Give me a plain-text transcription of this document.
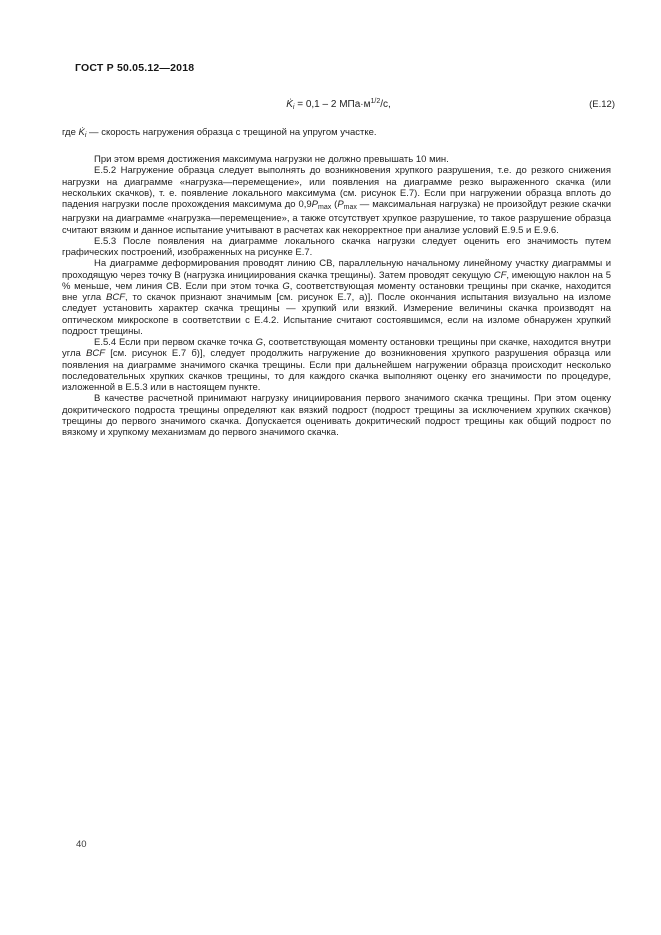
ГОСТ Р 50.05.12—2018
$K̇_i = 0,1 - 2$ $МПа\cdot м^{1/2}/с$,	(Е.12)
где $K̇_i$ — скорость нагружения образца с трещиной на упругом участке.

При этом время достижения максимума нагрузки не должно превышать 10 мин.

Е.5.2 Нагружение образца следует выполнять до возникновения хрупкого разрушения, т.е. до резкого снижения нагрузки на диаграмме «нагрузка—перемещение», или появления на диаграмме резко выраженного скачка (или нескольких скачков), т. е. появление локального максимума (см. рисунок Е.7). Если при нагружении образца вплоть до падения нагрузки после прохождения максимума до $0,9P_{max}$ ($P_{max}$ — максимальная нагрузка) не произойдут резкие скачки нагрузки на диаграмме «нагрузка—перемещение», а также отсутствует хрупкое разрушение, то такое разрушение образца считают вязким и данное испытание учитывают в расчетах как некорректное при анализе условий Е.9.5 и Е.9.6.

Е.5.3 После появления на диаграмме локального скачка нагрузки следует оценить его значимость путем графических построений, изображенных на рисунке Е.7.

На диаграмме деформирования проводят линию СВ, параллельную начальному линейному участку диаграммы и проходящую через точку В (нагрузка инициирования скачка трещины). Затем проводят секущую CF, имеющую наклон на 5 % меньше, чем линия СВ. Если при этом точка G, соответствующая моменту остановки трещины при скачке, находится вне угла BCF, то скачок признают значимым [см. рисунок Е.7, а)]. После окончания испытания визуально на изломе следует установить характер скачка трещины — хрупкий или вязкий. Измерение величины скачка производят на оптическом микроскопе в соответствии с Е.4.2. Испытание считают состоявшимся, если на изломе обнаружен хрупкий подрост трещины.

Е.5.4 Если при первом скачке точка G, соответствующая моменту остановки трещины при скачке, находится внутри угла BCF [см. рисунок Е.7 б)], следует продолжить нагружение до возникновения хрупкого разрушения образца или появления на диаграмме значимого скачка трещины. Если при дальнейшем нагружении образца происходит несколько последовательных хрупких скачков трещины, то для каждого скачка выполняют оценку его значимости по процедуре, изложенной в Е.5.3 или в настоящем пункте.

В качестве расчетной принимают нагрузку инициирования первого значимого скачка трещины. При этом оценку докритического подроста трещины определяют как вязкий подрост (подрост трещины за исключением хрупких скачков) трещины до первого значимого скачка. Допускается оценивать докритический подрост трещины как общий подрост по вязкому и хрупкому механизмам до первого значимого скачка.

40
